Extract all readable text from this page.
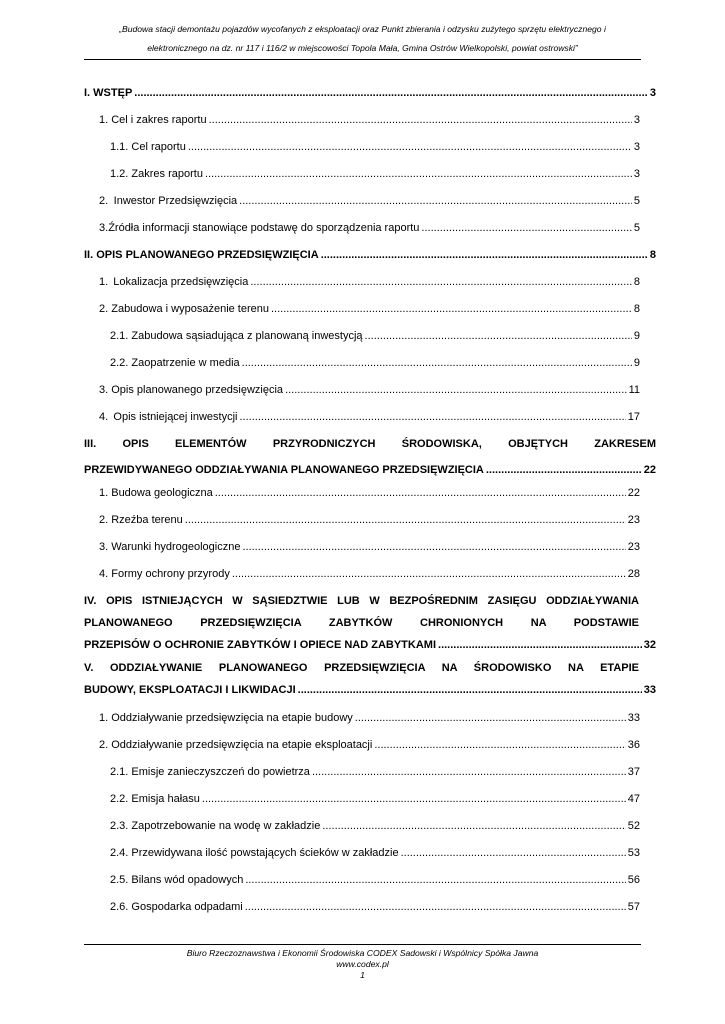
„Budowa stacji demontażu pojazdów wycofanych z eksploatacji oraz Punkt zbierania i odzysku zużytego sprzętu elektrycznego i
elektronicznego na dz. nr 117 i 116/2 w miejscowości Topola Mała, Gmina Ostrów Wielkopolski, powiat ostrowski”
I. WSTĘP .....	3
1. Cel i zakres raportu .....	3
1.1. Cel raportu .....	3
1.2. Zakres raportu .....	3
2. Inwestor Przedsięwzięcia .....	5
3. Źródła informacji stanowiące podstawę do sporządzenia raportu .....	5
II. OPIS PLANOWANEGO PRZEDSIĘWZIĘCIA .....	8
1. Lokalizacja przedsięwzięcia .....	8
2. Zabudowa i wyposażenie terenu .....	8
2.1. Zabudowa sąsiadująca z planowaną inwestycją .....	9
2.2. Zaopatrzenie w media .....	9
3. Opis planowanego przedsięwzięcia .....	11
4. Opis istniejącej inwestycji .....	17
III. OPIS ELEMENTÓW PRZYRODNICZYCH ŚRODOWISKA, OBJĘTYCH ZAKRESEM
PRZEWIDYWANEGO ODDZIAŁYWANIA PLANOWANEGO PRZEDSIĘWZIĘCIA .....	22
1. Budowa geologiczna .....	22
2. Rzeźba terenu .....	23
3. Warunki hydrogeologiczne .....	23
4. Formy ochrony przyrody .....	28
IV. OPIS ISTNIEJĄCYCH W SĄSIEDZTWIE LUB W BEZPOŚREDNIM ZASIĘGU ODDZIAŁYWANIA
PLANOWANEGO PRZEDSIĘWZIĘCIA ZABYTKÓW CHRONIONYCH NA PODSTAWIE
PRZEPISÓW O OCHRONIE ZABYTKÓW I OPIECE NAD ZABYTKAMI .....	32
V. ODDZIAŁYWANIE PLANOWANEGO PRZEDSIĘWZIĘCIA NA ŚRODOWISKO NA ETAPIE
BUDOWY, EKSPLOATACJI I LIKWIDACJI .....	33
1. Oddziaływanie przedsięwzięcia na etapie budowy .....	33
2. Oddziaływanie przedsięwzięcia na etapie eksploatacji .....	36
2.1. Emisje zanieczyszczeń do powietrza .....	37
2.2. Emisja hałasu .....	47
2.3. Zapotrzebowanie na wodę w zakładzie .....	52
2.4. Przewidywana ilość powstających ścieków w zakładzie .....	53
2.5. Bilans wód opadowych .....	56
2.6. Gospodarka odpadami .....	57
Biuro Rzeczoznawstwa i Ekonomii Środowiska CODEX Sadowski i Wspólnicy Spółka Jawna
www.codex.pl
1
